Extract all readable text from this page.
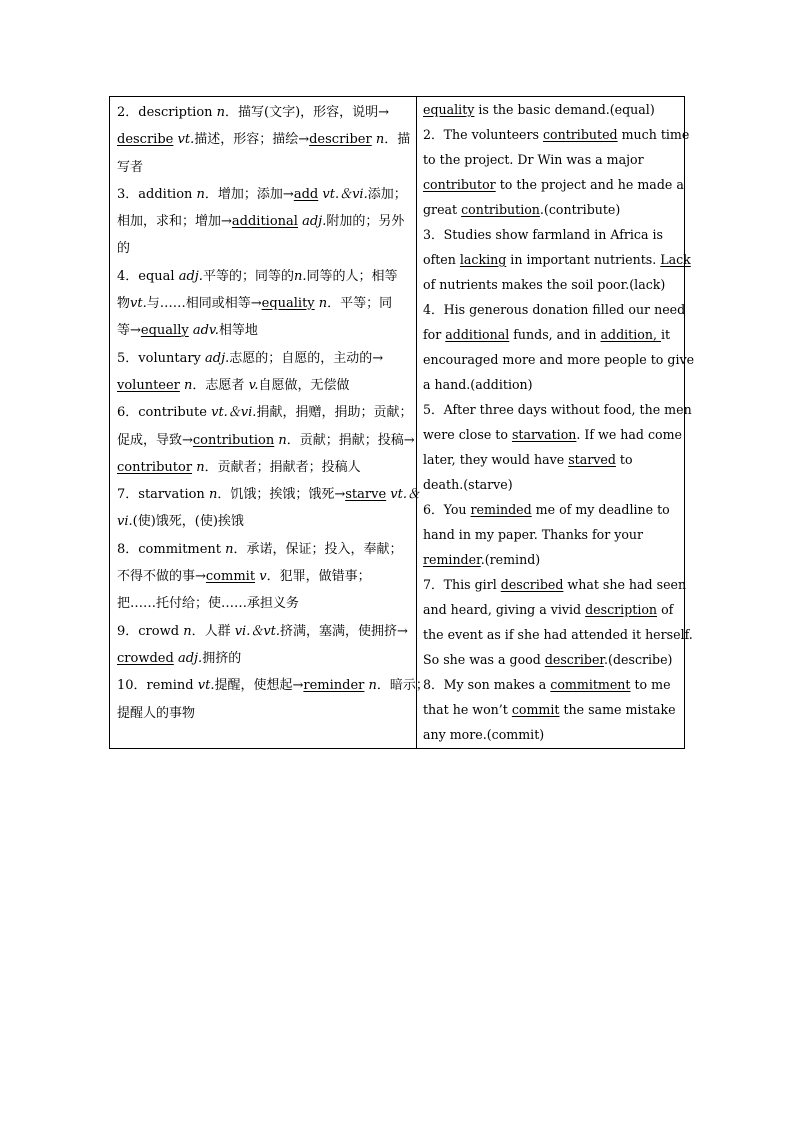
2．description n．描写(文字)，形容，说明→
describe vt.描述，形容；描绘→describer n．描
写者
3．addition n．增加；添加→add vt.＆vi.添加；
相加，求和；增加→additional adj.附加的；另外
的
4．equal adj.平等的；同等的n.同等的人；相等
物vt.与……相同或相等→equality n．平等；同
等→equally adv.相等地
5．voluntary adj.志愿的；自愿的，主动的→
volunteer n．志愿者 v.自愿做，无偿做
6．contribute vt.＆vi.捐献，捐赠，捐助；贡献；
促成，导致→contribution n．贡献；捐献；投稿→
contributor n．贡献者；捐献者；投稿人
7．starvation n．饥饿；挨饿；饿死→starve vt.＆
vi.(使)饿死，(使)挨饿
8．commitment n．承诺，保证；投入，奉献；
不得不做的事→commit v．犯罪，做错事；
把……托付给；使……承担义务
9．crowd n．人群 vi.＆vt.挤满，塞满，使拥挤→
crowded adj.拥挤的
10．remind vt.提醒，使想起→reminder n．暗示；
提醒人的事物
equality is the basic demand.(equal)
2．The volunteers contributed much time
to the project. Dr Win was a major
contributor to the project and he made a
great contribution.(contribute)
3．Studies show farmland in Africa is
often lacking in important nutrients. Lack
of nutrients makes the soil poor.(lack)
4．His generous donation filled our need
for additional funds, and in addition, it
encouraged more and more people to give
a hand.(addition)
5．After three days without food, the men
were close to starvation. If we had come
later, they would have starved to
death.(starve)
6．You reminded me of my deadline to
hand in my paper. Thanks for your
reminder.(remind)
7．This girl described what she had seen
and heard, giving a vivid description of
the event as if she had attended it herself.
So she was a good describer.(describe)
8．My son makes a commitment to me
that he won’t commit the same mistake
any more.(commit)
